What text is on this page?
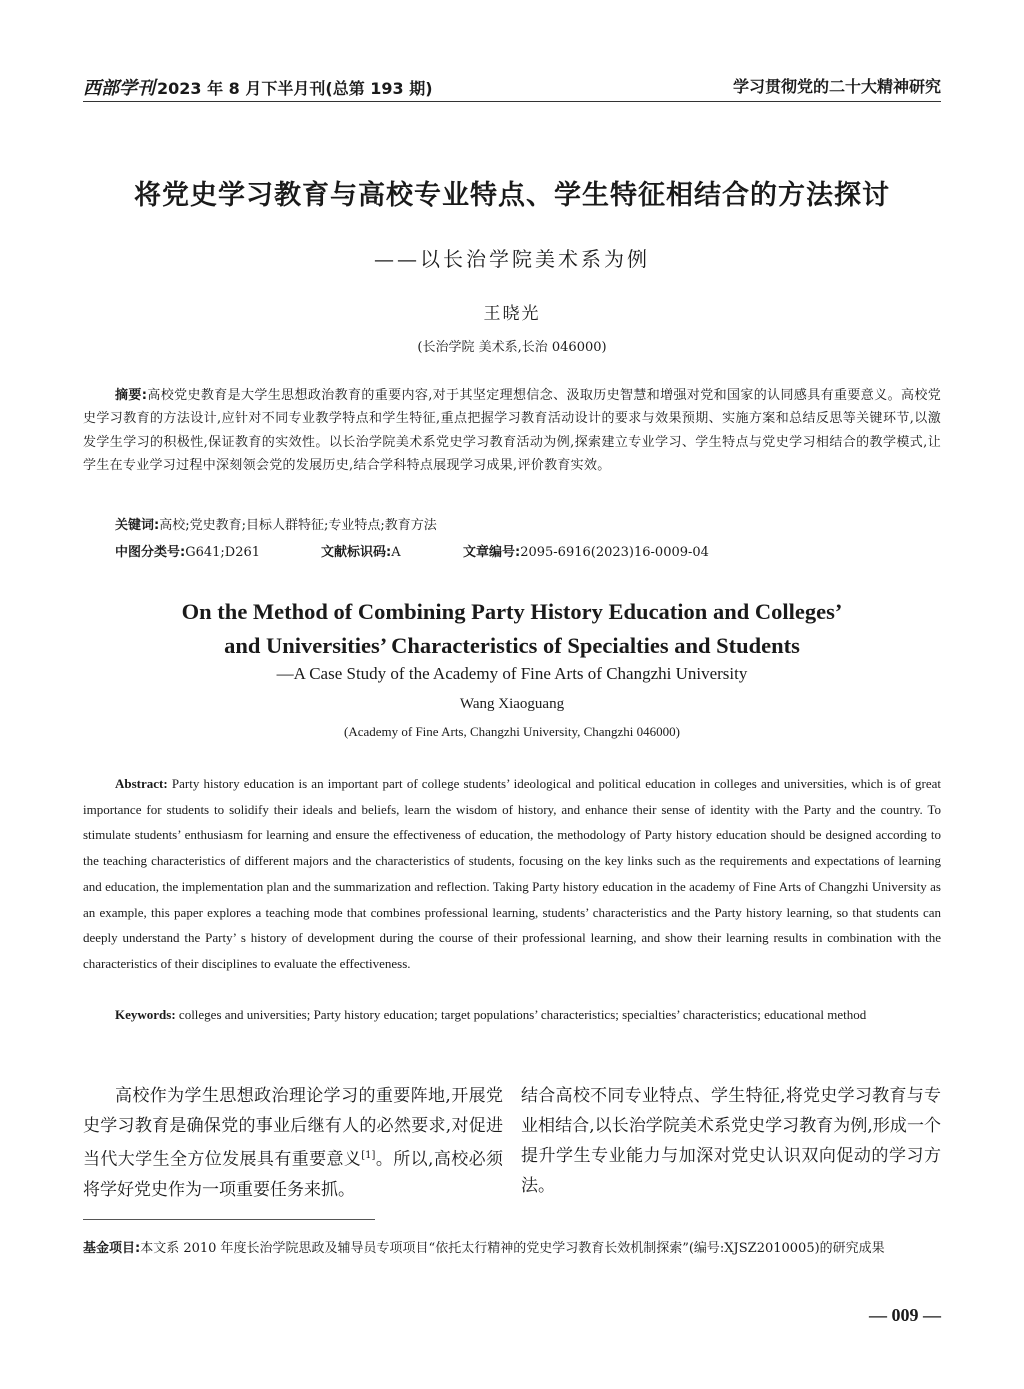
西部学刊 2023 年 8 月下半月刊(总第 193 期)	学习贯彻党的二十大精神研究
将党史学习教育与高校专业特点、学生特征相结合的方法探讨
——以长治学院美术系为例
王晓光
(长治学院 美术系,长治 046000)
摘要:高校党史教育是大学生思想政治教育的重要内容,对于其坚定理想信念、汲取历史智慧和增强对党和国家的认同感具有重要意义。高校党史学习教育的方法设计,应针对不同专业教学特点和学生特征,重点把握学习教育活动设计的要求与效果预期、实施方案和总结反思等关键环节,以激发学生学习的积极性,保证教育的实效性。以长治学院美术系党史学习教育活动为例,探索建立专业学习、学生特点与党史学习相结合的教学模式,让学生在专业学习过程中深刻领会党的发展历史,结合学科特点展现学习成果,评价教育实效。
关键词:高校;党史教育;目标人群特征;专业特点;教育方法
中图分类号:G641;D261	文献标识码:A	文章编号:2095-6916(2023)16-0009-04
On the Method of Combining Party History Education and Colleges’
and Universities’ Characteristics of Specialties and Students
—A Case Study of the Academy of Fine Arts of Changzhi University
Wang Xiaoguang
(Academy of Fine Arts, Changzhi University, Changzhi 046000)
Abstract: Party history education is an important part of college students’ ideological and political education in colleges and universities, which is of great importance for students to solidify their ideals and beliefs, learn the wisdom of history, and enhance their sense of identity with the Party and the country. To stimulate students’ enthusiasm for learning and ensure the effectiveness of education, the methodology of Party history education should be designed according to the teaching characteristics of different majors and the characteristics of students, focusing on the key links such as the requirements and expectations of learning and education, the implementation plan and the summarization and reflection. Taking Party history education in the academy of Fine Arts of Changzhi University as an example, this paper explores a teaching mode that combines professional learning, students’ characteristics and the Party history learning, so that students can deeply understand the Party’ s history of development during the course of their professional learning, and show their learning results in combination with the characteristics of their disciplines to evaluate the effectiveness.
Keywords: colleges and universities; Party history education; target populations’ characteristics; specialties’ characteristics; educational method
高校作为学生思想政治理论学习的重要阵地,开展党史学习教育是确保党的事业后继有人的必然要求,对促进当代大学生全方位发展具有重要意义[1]。所以,高校必须将学好党史作为一项重要任务来抓。
结合高校不同专业特点、学生特征,将党史学习教育与专业相结合,以长治学院美术系党史学习教育为例,形成一个提升学生专业能力与加深对党史认识双向促动的学习方法。
基金项目:本文系 2010 年度长治学院思政及辅导员专项项目“依托太行精神的党史学习教育长效机制探索”(编号:XJSZ2010005)的研究成果
— 009 —
